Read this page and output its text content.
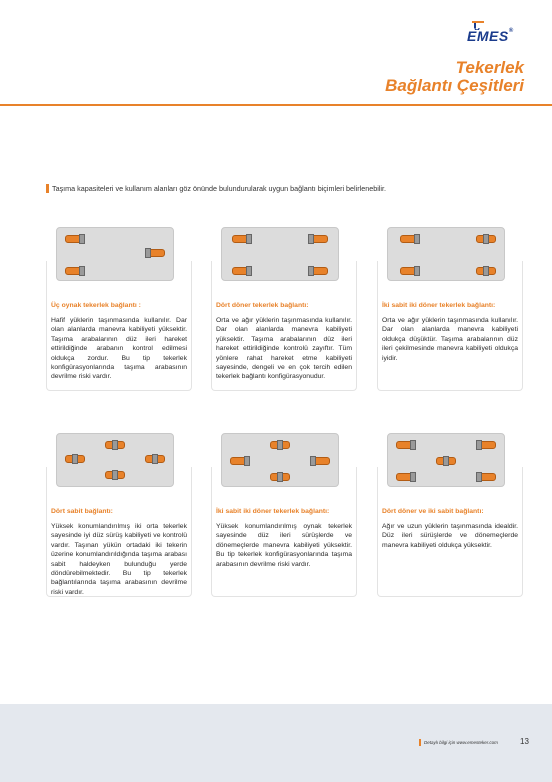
EMES®
Tekerlek
Bağlantı Çeşitleri
Taşıma kapasiteleri ve kullanım alanları göz önünde bulundurularak uygun bağlantı biçimleri belirlenebilir.
Üç oynak tekerlek bağlantı :
Hafif yüklerin taşınmasında kullanılır. Dar olan alanlarda manevra kabiliyeti yüksektir. Taşıma arabalarının düz ileri hareket ettirildiğinde arabanın kontrol edilmesi oldukça zordur. Bu tip tekerlek konfigürasyonlarında taşıma arabasının devrilme riski vardır.
Dört döner tekerlek bağlantı:
Orta ve ağır yüklerin taşınmasında kullanılır. Dar olan alanlarda manevra kabiliyeti yüksektir. Taşıma arabalarının düz ileri hareket ettirildiğinde kontrolü zayıftır. Tüm yönlere rahat hareket etme kabiliyeti sayesinde, dengeli ve en çok tercih edilen tekerlek bağlantı konfigürasyonudur.
İki sabit iki döner tekerlek bağlantı:
Orta ve ağır yüklerin taşınmasında kullanılır. Dar olan alanlarda manevra kabiliyeti oldukça düşüktür. Taşıma arabalarının düz ileri çekilmesinde manevra kabiliyeti oldukça iyidir.
Dört sabit bağlantı:
Yüksek konumlandırılmış iki orta tekerlek sayesinde iyi düz sürüş kabiliyeti ve kontrolü vardır. Taşınan yükün ortadaki iki tekerin üzerine konumlandırıldığında taşıma arabası sabit haldeyken bulunduğu yerde döndürebilmektedir. Bu tip tekerlek bağlantılarında taşıma arabasının devrilme riski vardır.
İki sabit iki döner tekerlek bağlantı:
Yüksek konumlandırılmış oynak tekerlek sayesinde düz ileri sürüşlerde ve dönemeçlerde manevra kabiliyeti yüksektir. Bu tip tekerlek konfigürasyonlarında taşıma arabasının devrilme riski vardır.
Dört döner ve iki sabit bağlantı:
Ağır ve uzun yüklerin taşınmasında idealdir. Düz ileri sürüşlerde ve dönemeçlerde manevra kabiliyeti oldukça yüksektir.
Detaylı bilgi için www.emesteker.com	13
